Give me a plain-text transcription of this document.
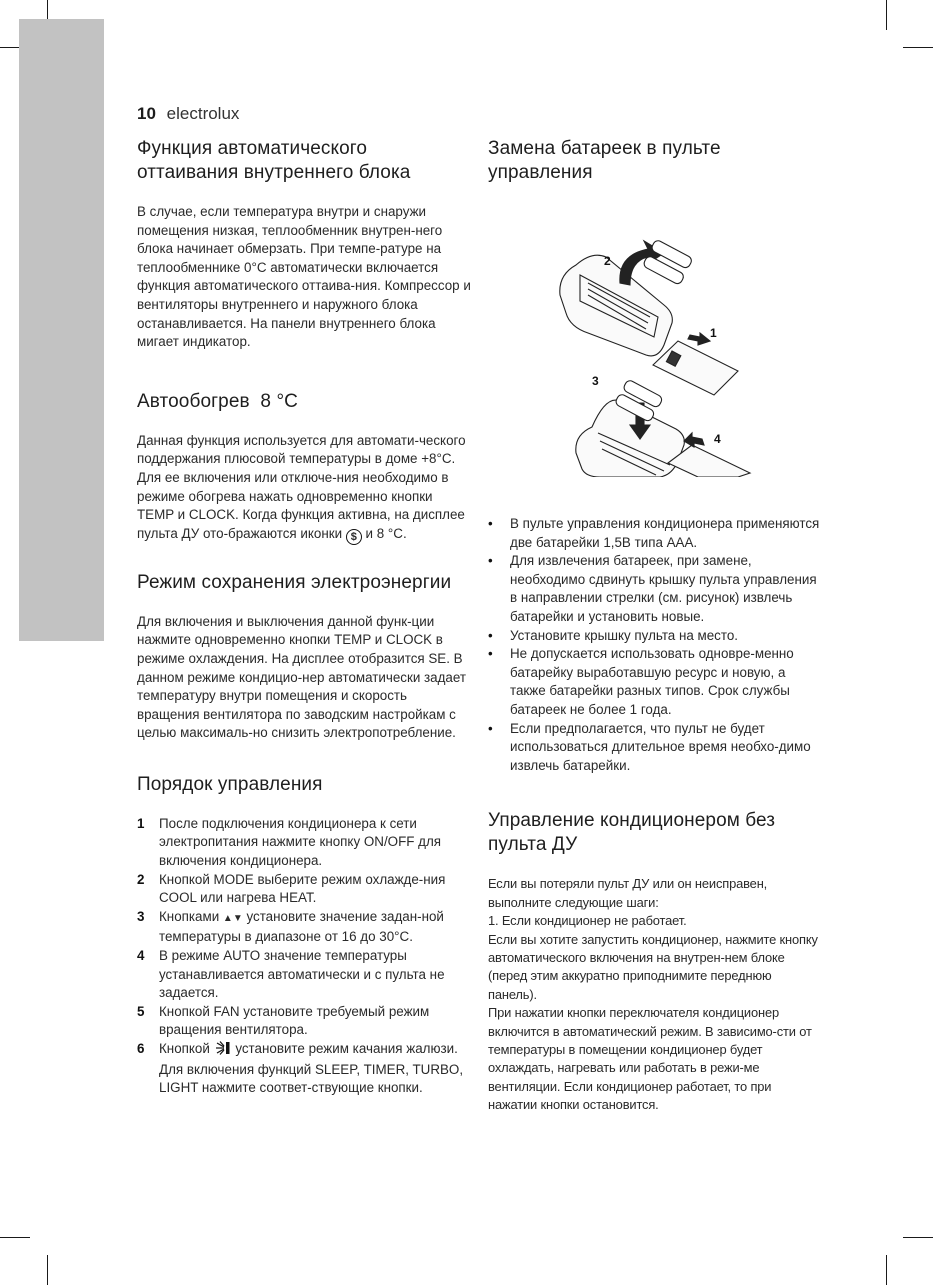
10 electrolux
Функция автоматического
оттаивания внутреннего блока

В случае, если температура внутри и снаружи помещения низкая, теплообменник внутрен-него блока начинает обмерзать. При темпе-ратуре на теплообменнике 0°C автоматически включается функция автоматического оттаива-ния. Компрессор и вентиляторы внутреннего и наружного блока останавливается. На панели внутреннего блока мигает индикатор.

Автообогрев  8 °C

Данная функция используется для автомати-ческого поддержания плюсовой температуры в доме +8°C. Для ее включения или отключе-ния необходимо в режиме обогрева нажать одновременно кнопки TEMP и CLOCK. Когда функция активна, на дисплее пульта ДУ ото-бражаются иконки $ и 8 °C.

Режим сохранения электроэнергии

Для включения и выключения данной функ-ции нажмите одновременно кнопки TEMP и CLOCK в режиме охлаждения. На дисплее отобразится SE. В данном режиме кондицио-нер автоматически задает температуру внутри помещения и скорость вращения вентилятора по заводским настройкам с целью максималь-но снизить электропотребление.

Порядок управления
1 После подключения кондиционера к сети электропитания нажмите кнопку ON/OFF для включения кондиционера.
2 Кнопкой MODE выберите режим охлажде-ния COOL или нагрева HEAT.
3 Кнопками ▲▼ установите значение задан-ной температуры в диапазоне от 16 до 30°C.
4 В режиме AUTO значение температуры устанавливается автоматически и с пульта не задается.
5 Кнопкой FAN установите требуемый режим вращения вентилятора.
6 Кнопкой установите режим качания жалюзи. Для включения функций SLEEP, TIMER, TURBO, LIGHT нажмите соответ-ствующие кнопки.
Замена батареек в пульте
управления
2
1
3
4
• В пульте управления кондиционера применяются две батарейки 1,5В типа AAA.
• Для извлечения батареек, при замене, необходимо сдвинуть крышку пульта управления в направлении стрелки (см. рисунок) извлечь батарейки и установить новые.
• Установите крышку пульта на место.
• Не допускается использовать одновре-менно батарейку выработавшую ресурс и новую, а также батарейки разных типов. Срок службы батареек не более 1 года.
• Если предполагается, что пульт не будет использоваться длительное время необхо-димо извлечь батарейки.
Управление кондиционером без
пульта ДУ

Если вы потеряли пульт ДУ или он неисправен, выполните следующие шаги:

1. Если кондиционер не работает.

Если вы хотите запустить кондиционер, нажмите кнопку автоматического включения на внутрен-нем блоке (перед этим аккуратно приподнимите переднюю панель).

При нажатии кнопки переключателя кондиционер включится в автоматический режим. В зависимо-сти от температуры в помещении кондиционер будет охлаждать, нагревать или работать в режи-ме вентиляции. Если кондиционер работает, то при нажатии кнопки остановится.
